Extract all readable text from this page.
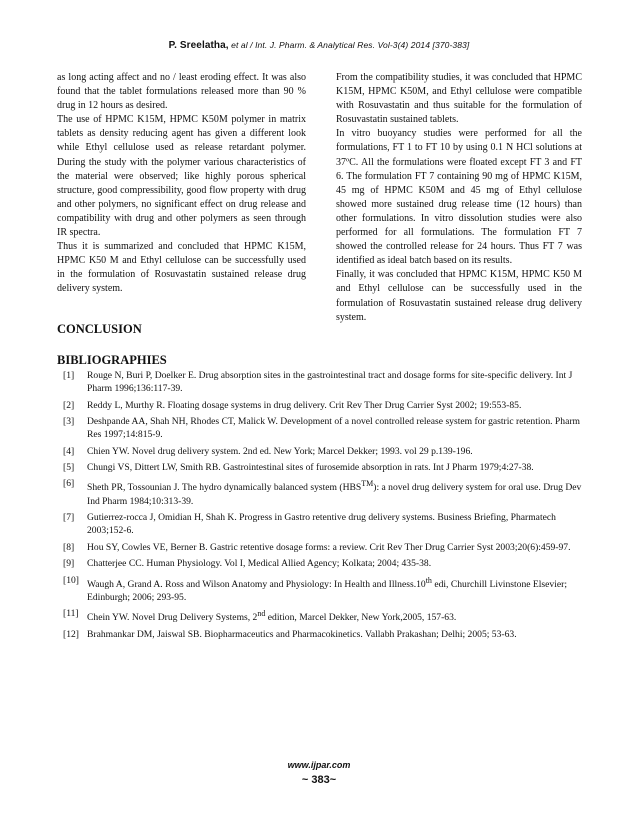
P. Sreelatha, et al / Int. J. Pharm. & Analytical Res. Vol-3(4) 2014 [370-383]

as long acting affect and no / least eroding effect. It was also found that the tablet formulations released more than 90 % drug in 12 hours as desired.

The use of HPMC K15M, HPMC K50M polymer in matrix tablets as density reducing agent has given a different look while Ethyl cellulose used as release retardant polymer. During the study with the polymer various characteristics of the material were observed; like highly porous spherical structure, good compressibility, good flow property with drug and other polymers, no significant effect on drug release and compatibility with drug and other polymers as seen through IR spectra.

Thus it is summarized and concluded that HPMC K15M, HPMC K50 M and Ethyl cellulose can be successfully used in the formulation of Rosuvastatin sustained release drug delivery system.

CONCLUSION

From the compatibility studies, it was concluded that HPMC K15M, HPMC K50M, and Ethyl cellulose were compatible with Rosuvastatin and thus suitable for the formulation of Rosuvastatin sustained tablets.

In vitro buoyancy studies were performed for all the formulations, FT 1 to FT 10 by using 0.1 N HCl solutions at 37ºC. All the formulations were floated except FT 3 and FT 6. The formulation FT 7 containing 90 mg of HPMC K15M, 45 mg of HPMC K50M and 45 mg of Ethyl cellulose showed more sustained drug release time (12 hours) than other formulations. In vitro dissolution studies were also performed for all formulations. The formulation FT 7 showed the controlled release for 24 hours. Thus FT 7 was identified as ideal batch based on its results.

Finally, it was concluded that HPMC K15M, HPMC K50 M and Ethyl cellulose can be successfully used in the formulation of Rosuvastatin sustained release drug delivery system.

BIBLIOGRAPHIES
[1] Rouge N, Buri P, Doelker E. Drug absorption sites in the gastrointestinal tract and dosage forms for site-specific delivery. Int J Pharm 1996;136:117-39.
[2] Reddy L, Murthy R. Floating dosage systems in drug delivery. Crit Rev Ther Drug Carrier Syst 2002; 19:553-85.
[3] Deshpande AA, Shah NH, Rhodes CT, Malick W. Development of a novel controlled release system for gastric retention. Pharm Res 1997;14:815-9.
[4] Chien YW. Novel drug delivery system. 2nd ed. New York; Marcel Dekker; 1993. vol 29 p.139-196.
[5] Chungi VS, Dittert LW, Smith RB. Gastrointestinal sites of furosemide absorption in rats. Int J Pharm 1979;4:27-38.
[6] Sheth PR, Tossounian J. The hydro dynamically balanced system (HBS™): a novel drug delivery system for oral use. Drug Dev Ind Pharm 1984;10:313-39.
[7] Gutierrez-rocca J, Omidian H, Shah K. Progress in Gastro retentive drug delivery systems. Business Briefing, Pharmatech 2003;152-6.
[8] Hou SY, Cowles VE, Berner B. Gastric retentive dosage forms: a review. Crit Rev Ther Drug Carrier Syst 2003;20(6):459-97.
[9] Chatterjee CC. Human Physiology. Vol I, Medical Allied Agency; Kolkata; 2004; 435-38.
[10] Waugh A, Grand A. Ross and Wilson Anatomy and Physiology: In Health and Illness.10th edi, Churchill Livinstone Elsevier; Edinburgh; 2006; 293-95.
[11] Chein YW. Novel Drug Delivery Systems, 2nd edition, Marcel Dekker, New York,2005, 157-63.
[12] Brahmankar DM, Jaiswal SB. Biopharmaceutics and Pharmacokinetics. Vallabh Prakashan; Delhi; 2005; 53-63.
www.ijpar.com
~ 383~
